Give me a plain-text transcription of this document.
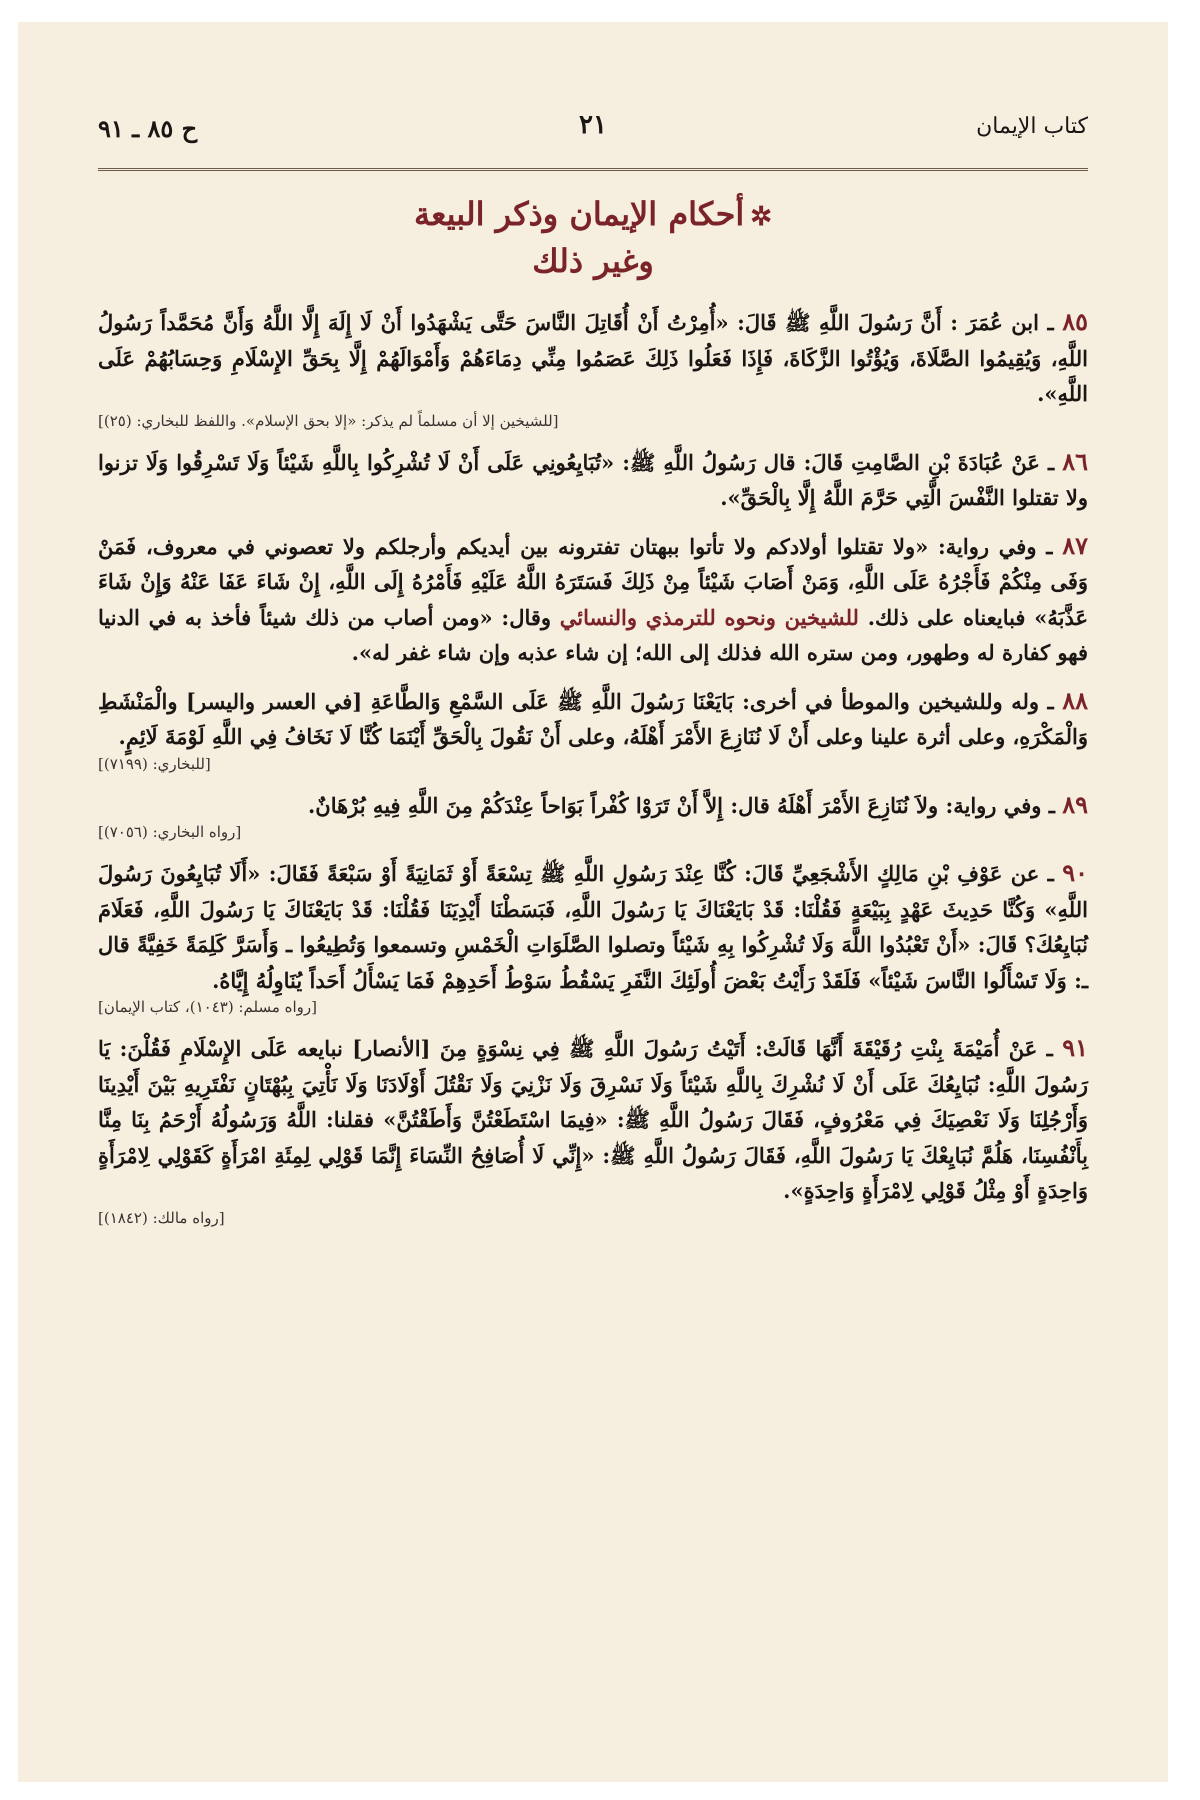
كتاب الإيمان
٢١
ح ٨٥ ـ ٩١
✲أحكام الإيمان وذكر البيعة
وغير ذلك

٨٥ ـ ابن عُمَرَ : أَنَّ رَسُولَ اللَّهِ ﷺ قَالَ: «أُمِرْتُ أَنْ أُقَاتِلَ النَّاسَ حَتَّى يَشْهَدُوا أَنْ لَا إِلَهَ إِلَّا اللَّهُ وَأَنَّ مُحَمَّداً رَسُولُ اللَّهِ، وَيُقِيمُوا الصَّلَاةَ، وَيُؤْتُوا الزَّكَاةَ، فَإِذَا فَعَلُوا ذَلِكَ عَصَمُوا مِنِّي دِمَاءَهُمْ وَأَمْوَالَهُمْ إِلَّا بِحَقِّ الإِسْلَامِ وَحِسَابُهُمْ عَلَى اللَّهِ».

[للشيخين إلا أن مسلماً لم يذكر: «إلا بحق الإسلام». واللفظ للبخاري: (٢٥)]

٨٦ ـ عَنْ عُبَادَةَ بْنِ الصَّامِتِ قَالَ: قال رَسُولُ اللَّهِ ﷺ: «تُبَايِعُونِي عَلَى أَنْ لَا تُشْرِكُوا بِاللَّهِ شَيْئاً وَلَا تَسْرِقُوا وَلَا تزنوا ولا تقتلوا النَّفْسَ الَّتِي حَرَّمَ اللَّهُ إِلَّا بِالْحَقِّ».

٨٧ ـ وفي رواية: «ولا تقتلوا أولادكم ولا تأتوا ببهتان تفترونه بين أيديكم وأرجلكم ولا تعصوني في معروف، فَمَنْ وَفَى مِنْكُمْ فَأَجْرُهُ عَلَى اللَّهِ، وَمَنْ أَصَابَ شَيْئاً مِنْ ذَلِكَ فَسَتَرَهُ اللَّهُ عَلَيْهِ فَأَمْرُهُ إِلَى اللَّهِ، إِنْ شَاءَ عَفَا عَنْهُ وَإِنْ شَاءَ عَذَّبَهُ» فبايعناه على ذلك. للشيخين ونحوه للترمذي والنسائي وقال: «ومن أصاب من ذلك شيئاً فأخذ به في الدنيا فهو كفارة له وطهور، ومن ستره الله فذلك إلى الله؛ إن شاء عذبه وإن شاء غفر له».

٨٨ ـ وله وللشيخين والموطأ في أخرى: بَايَعْنَا رَسُولَ اللَّهِ ﷺ عَلَى السَّمْعِ وَالطَّاعَةِ [في العسر واليسر] والْمَنْشَطِ وَالْمَكْرَهِ، وعلى أثرة علينا وعلى أَنْ لَا نُنَازِعَ الأَمْرَ أَهْلَهُ، وعلى أَنْ نَقُولَ بِالْحَقِّ أَيْنَمَا كُنَّا لَا نَخَافُ فِي اللَّهِ لَوْمَةَ لَائِمٍ.

[للبخاري: (٧١٩٩)]

٨٩ ـ وفي رواية: ولاَ نُنَازِعَ الأَمْرَ أَهْلَهُ قال: إِلاَّ أَنْ تَرَوْا كُفْراً بَوَاحاً عِنْدَكُمْ مِنَ اللَّهِ فِيهِ بُرْهَانٌ.

[رواه البخاري: (٧٠٥٦)]

٩٠ ـ عن عَوْفِ بْنِ مَالِكٍ الأَشْجَعِيِّ قَالَ: كُنَّا عِنْدَ رَسُولِ اللَّهِ ﷺ تِسْعَةً أَوْ ثَمَانِيَةً أَوْ سَبْعَةً فَقَالَ: «أَلَا تُبَايِعُونَ رَسُولَ اللَّهِ» وَكُنَّا حَدِيثَ عَهْدٍ بِبَيْعَةٍ فَقُلْنَا: قَدْ بَايَعْنَاكَ يَا رَسُولَ اللَّهِ، فَبَسَطْنَا أَيْدِيَنَا فَقُلْنَا: قَدْ بَايَعْنَاكَ يَا رَسُولَ اللَّهِ، فَعَلَامَ نُبَايِعُكَ؟ قَالَ: «أَنْ تَعْبُدُوا اللَّهَ وَلَا تُشْرِكُوا بِهِ شَيْئاً وتصلوا الصَّلَوَاتِ الْخَمْسِ وتسمعوا وَتُطِيعُوا ـ وَأَسَرَّ كَلِمَةً خَفِيَّةً قال ـ: وَلَا تَسْأَلُوا النَّاسَ شَيْئاً» فَلَقَدْ رَأَيْتُ بَعْضَ أُولَئِكَ النَّفَرِ يَسْقُطُ سَوْطُ أَحَدِهِمْ فَمَا يَسْأَلُ أَحَداً يُنَاوِلُهُ إِيَّاهُ.

[رواه مسلم: (١٠٤٣)، كتاب الإيمان]

٩١ ـ عَنْ أُمَيْمَةَ بِنْتِ رُقَيْقَةَ أَنَّهَا قَالَتْ: أَتَيْتُ رَسُولَ اللَّهِ ﷺ فِي نِسْوَةٍ مِنَ [الأنصار] نبايعه عَلَى الإِسْلَامِ فَقُلْنَ: يَا رَسُولَ اللَّهِ: نُبَايِعُكَ عَلَى أَنْ لَا نُشْرِكَ بِاللَّهِ شَيْئاً وَلَا نَسْرِقَ وَلَا نَزْنِيَ وَلَا نَقْتُلَ أَوْلَادَنَا وَلَا نَأْتِيَ بِبُهْتَانٍ نَفْتَرِيهِ بَيْنَ أَيْدِينَا وَأَرْجُلِنَا وَلَا نَعْصِيَكَ فِي مَعْرُوفٍ، فَقَالَ رَسُولُ اللَّهِ ﷺ: «فِيمَا اسْتَطَعْتُنَّ وَأَطَقْتُنَّ» فقلنا: اللَّهُ وَرَسُولُهُ أَرْحَمُ بِنَا مِنَّا بِأَنْفُسِنَا، هَلُمَّ نُبَايِعْكَ يَا رَسُولَ اللَّهِ، فَقَالَ رَسُولُ اللَّهِ ﷺ: «إِنِّي لَا أُصَافِحُ النِّسَاءَ إِنَّمَا قَوْلِي لِمِئَةِ امْرَأَةٍ كَقَوْلِي لِامْرَأَةٍ وَاحِدَةٍ أَوْ مِثْلُ قَوْلِي لِامْرَأَةٍ وَاحِدَةٍ».

[رواه مالك: (١٨٤٢)]
